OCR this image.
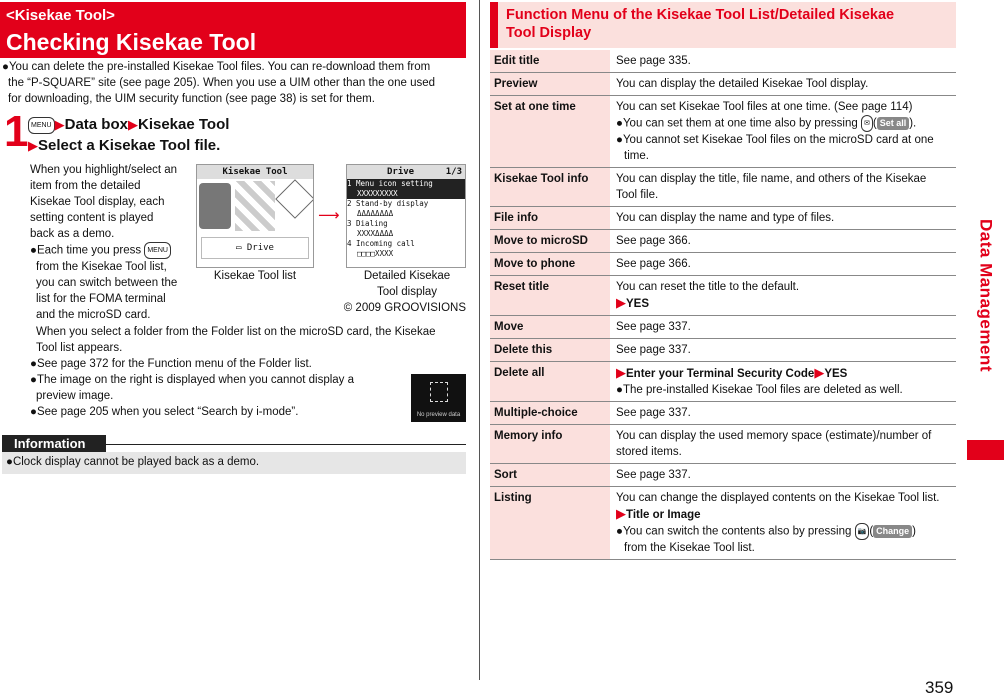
<Kisekae Tool>
Checking Kisekae Tool
●You can delete the pre-installed Kisekae Tool files. You can re-download them from
the “P-SQUARE” site (see page 205). When you use a UIM other than the one used
for downloading, the UIM security function (see page 38) is set for them.
1 MENU ▶Data box▶Kisekae Tool
▶Select a Kisekae Tool file.
When you highlight/select an
item from the detailed
Kisekae Tool display, each
setting content is played
back as a demo.
●Each time you press MENU
from the Kisekae Tool list,
you can switch between the
list for the FOMA terminal
and the microSD card.
When you select a folder from the Folder list on the microSD card, the Kisekae
Tool list appears.
●See page 372 for the Function menu of the Folder list.
●The image on the right is displayed when you cannot display a
preview image.
●See page 205 when you select “Search by i-mode”.
Kisekae Tool
▭ Drive
Kisekae Tool list
⟶
Drive	1/3
1 Menu icon setting
XXXXXXXXX
2 Stand-by display
ΔΔΔΔΔΔΔΔ
3 Dialing
XXXXΔΔΔΔ
4 Incoming call
□□□□XXXX
Detailed Kisekae
Tool display
© 2009 GROOVISIONS
No preview data
Information
●Clock display cannot be played back as a demo.
Function Menu of the Kisekae Tool List/Detailed Kisekae
Tool Display
Edit title	See page 335.
Preview	You can display the detailed Kisekae Tool display.
Set at one time	You can set Kisekae Tool files at one time. (See page 114)
●You can set them at one time also by pressing ✉ ( Set all ).
●You cannot set Kisekae Tool files on the microSD card at one
time.

Kisekae Tool info	You can display the title, file name, and others of the Kisekae
Tool file.

File info	You can display the name and type of files.
Move to microSD	See page 366.
Move to phone	See page 366.
Reset title	You can reset the title to the default.
▶YES

Move	See page 337.
Delete this	See page 337.
Delete all	▶Enter your Terminal Security Code▶YES
●The pre-installed Kisekae Tool files are deleted as well.

Multiple-choice	See page 337.
Memory info	You can display the used memory space (estimate)/number of
stored items.

Sort	See page 337.
Listing	You can change the displayed contents on the Kisekae Tool list.
▶Title or Image
●You can switch the contents also by pressing 📷 ( Change )
from the Kisekae Tool list.
Data Management
359
